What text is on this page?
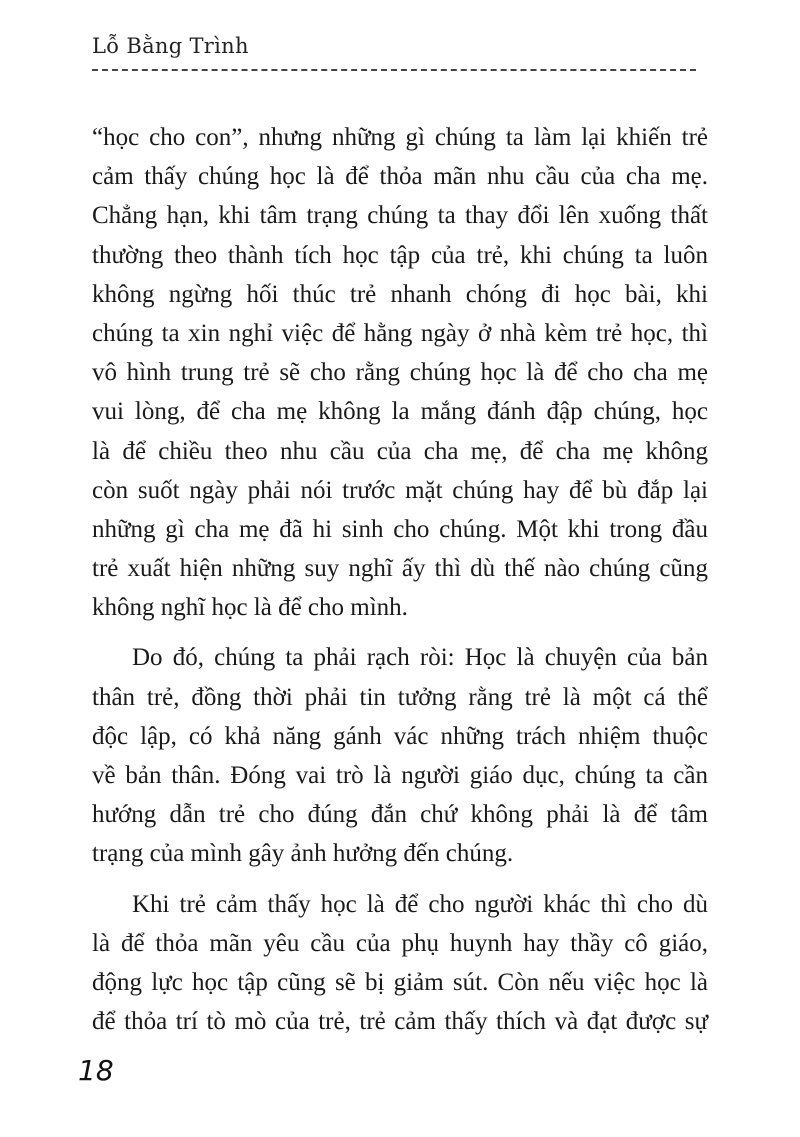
Lỗ Bằng Trình
“học cho con”, nhưng những gì chúng ta làm lại khiến trẻ
cảm thấy chúng học là để thỏa mãn nhu cầu của cha mẹ.
Chẳng hạn, khi tâm trạng chúng ta thay đổi lên xuống thất
thường theo thành tích học tập của trẻ, khi chúng ta luôn
không ngừng hối thúc trẻ nhanh chóng đi học bài, khi
chúng ta xin nghỉ việc để hằng ngày ở nhà kèm trẻ học, thì
vô hình trung trẻ sẽ cho rằng chúng học là để cho cha mẹ
vui lòng, để cha mẹ không la mắng đánh đập chúng, học
là để chiều theo nhu cầu của cha mẹ, để cha mẹ không
còn suốt ngày phải nói trước mặt chúng hay để bù đắp lại
những gì cha mẹ đã hi sinh cho chúng. Một khi trong đầu
trẻ xuất hiện những suy nghĩ ấy thì dù thế nào chúng cũng
không nghĩ học là để cho mình.
Do đó, chúng ta phải rạch ròi: Học là chuyện của bản
thân trẻ, đồng thời phải tin tưởng rằng trẻ là một cá thể
độc lập, có khả năng gánh vác những trách nhiệm thuộc
về bản thân. Đóng vai trò là người giáo dục, chúng ta cần
hướng dẫn trẻ cho đúng đắn chứ không phải là để tâm
trạng của mình gây ảnh hưởng đến chúng.
Khi trẻ cảm thấy học là để cho người khác thì cho dù
là để thỏa mãn yêu cầu của phụ huynh hay thầy cô giáo,
động lực học tập cũng sẽ bị giảm sút. Còn nếu việc học là
để thỏa trí tò mò của trẻ, trẻ cảm thấy thích và đạt được sự
18
